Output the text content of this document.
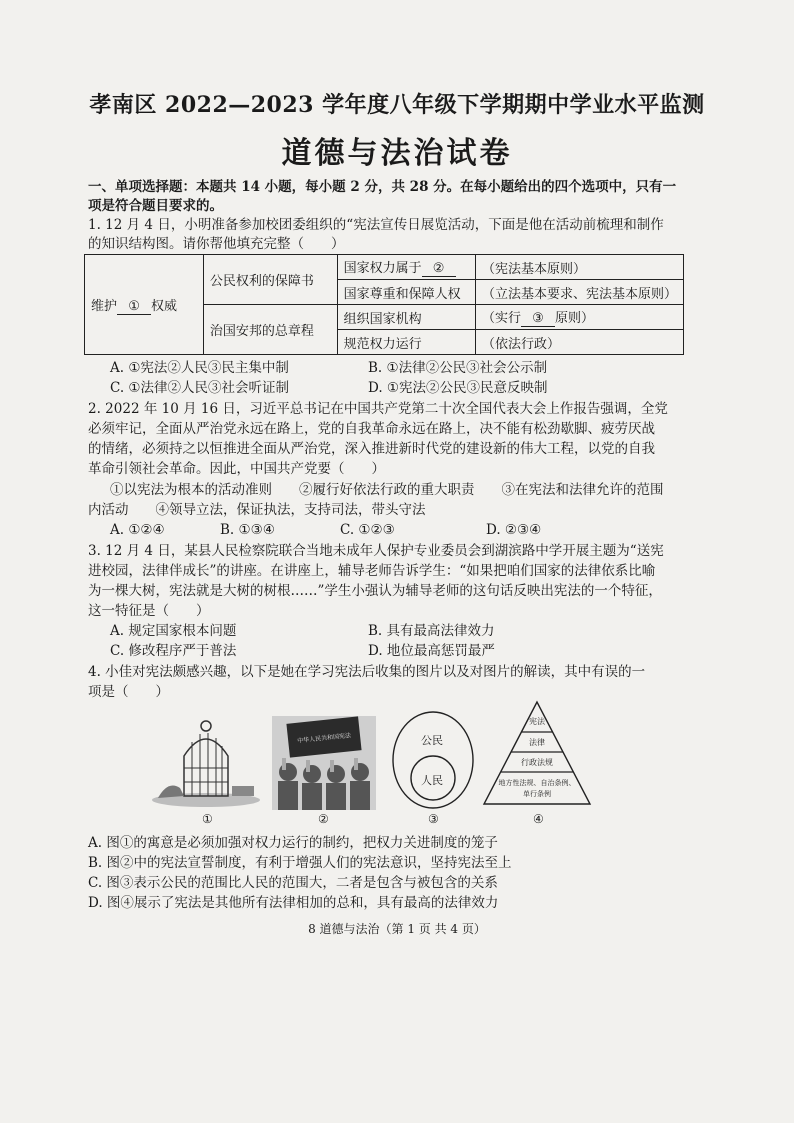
孝南区 2022—2023 学年度八年级下学期期中学业水平监测
道德与法治试卷
一、单项选择题：本题共 14 小题，每小题 2 分，共 28 分。在每小题给出的四个选项中，只有一
项是符合题目要求的。
1. 12 月 4 日，小明准备参加校团委组织的“宪法宣传日展览活动，下面是他在活动前梳理和制作
的知识结构图。请你帮他填充完整（　　）
维护 ① 权威	公民权利的保障书	国家权力属于 ②	（宪法基本原则）
		国家尊重和保障人权	（立法基本要求、宪法基本原则）
	治国安邦的总章程	组织国家机构	（实行 ③ 原则）
		规范权力运行	（依法行政）
A. ①宪法②人民③民主集中制	B. ①法律②公民③社会公示制
C. ①法律②人民③社会听证制	D. ①宪法②公民③民意反映制
2. 2022 年 10 月 16 日，习近平总书记在中国共产党第二十次全国代表大会上作报告强调，全党
必须牢记，全面从严治党永远在路上，党的自我革命永远在路上，决不能有松劲歇脚、疲劳厌战
的情绪，必须持之以恒推进全面从严治党，深入推进新时代党的建设新的伟大工程，以党的自我
革命引领社会革命。因此，中国共产党要（　　）
①以宪法为根本的活动准则　　②履行好依法行政的重大职责　　③在宪法和法律允许的范围
内活动　　④领导立法，保证执法，支持司法，带头守法
A. ①②④	B. ①③④	C. ①②③	D. ②③④
3. 12 月 4 日，某县人民检察院联合当地未成年人保护专业委员会到湖滨路中学开展主题为“送宪
进校园，法律伴成长”的讲座。在讲座上，辅导老师告诉学生：“如果把咱们国家的法律依系比喻
为一棵大树，宪法就是大树的树根……”学生小强认为辅导老师的这句话反映出宪法的一个特征，
这一特征是（　　）
A. 规定国家根本问题	B. 具有最高法律效力
C. 修改程序严于普法	D. 地位最高惩罚最严
4. 小佳对宪法颇感兴趣，以下是她在学习宪法后收集的图片以及对图片的解读，其中有误的一
项是（　　）
①
中华人民共和国宪法
②
公民
人民
③
宪法
法律
行政法规
地方性法规、自治条例、
单行条例
④
A. 图①的寓意是必须加强对权力运行的制约，把权力关进制度的笼子
B. 图②中的宪法宣誓制度，有利于增强人们的宪法意识，坚持宪法至上
C. 图③表示公民的范围比人民的范围大，二者是包含与被包含的关系
D. 图④展示了宪法是其他所有法律相加的总和，具有最高的法律效力
8 道德与法治（第 1 页 共 4 页）
